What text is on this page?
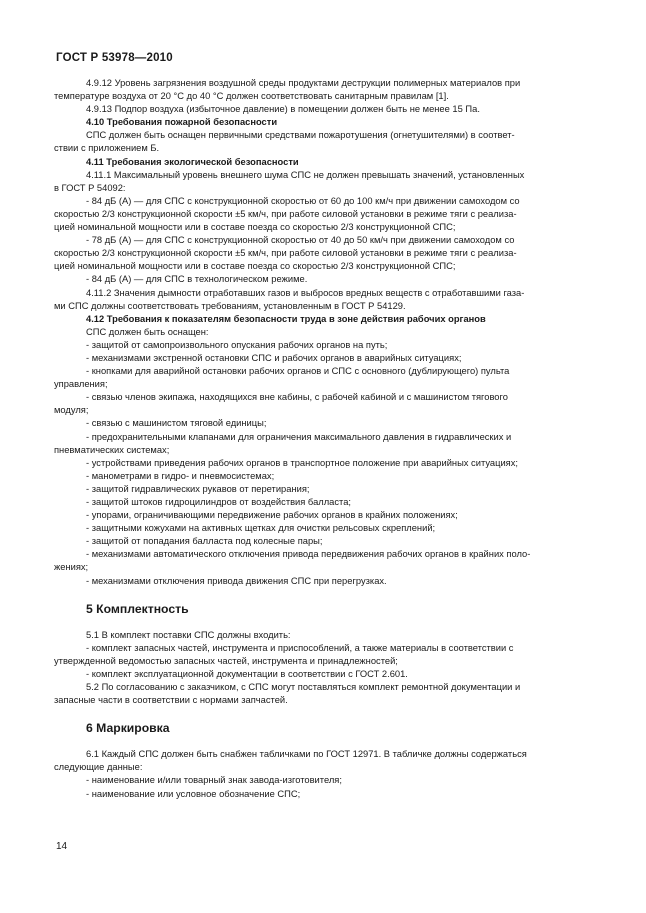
ГОСТ Р 53978—2010
4.9.12 Уровень загрязнения воздушной среды продуктами деструкции полимерных материалов при
температуре воздуха от 20 °С до 40 °С должен соответствовать санитарным правилам [1].
4.9.13 Подпор воздуха (избыточное давление) в помещении должен быть не менее 15 Па.
4.10 Требования пожарной безопасности
СПС должен быть оснащен первичными средствами пожаротушения (огнетушителями) в соответ-
ствии с приложением Б.
4.11 Требования экологической безопасности
4.11.1 Максимальный уровень внешнего шума СПС не должен превышать значений, установленных
в ГОСТ Р 54092:
- 84 дБ (А) — для СПС с конструкционной скоростью от 60 до 100 км/ч при движении самоходом со
скоростью 2/3 конструкционной скорости ±5 км/ч, при работе силовой установки в режиме тяги с реализа-
цией номинальной мощности или в составе поезда со скоростью 2/3 конструкционной СПС;
- 78 дБ (А) — для СПС с конструкционной скоростью от 40 до 50 км/ч при движении самоходом со
скоростью 2/3 конструкционной скорости ±5 км/ч, при работе силовой установки в режиме тяги с реализа-
цией номинальной мощности или в составе поезда со скоростью 2/3 конструкционной СПС;
- 84 дБ (А) — для СПС в технологическом режиме.
4.11.2 Значения дымности отработавших газов и выбросов вредных веществ с отработавшими газа-
ми СПС должны соответствовать требованиям, установленным в ГОСТ Р 54129.
4.12 Требования к показателям безопасности труда в зоне действия рабочих органов
СПС должен быть оснащен:
- защитой от самопроизвольного опускания рабочих органов на путь;
- механизмами экстренной остановки СПС и рабочих органов в аварийных ситуациях;
- кнопками для аварийной остановки рабочих органов и СПС с основного (дублирующего) пульта
управления;
- связью членов экипажа, находящихся вне кабины, с рабочей кабиной и с машинистом тягового
модуля;
- связью с машинистом тяговой единицы;
- предохранительными клапанами для ограничения максимального давления в гидравлических и
пневматических системах;
- устройствами приведения рабочих органов в транспортное положение при аварийных ситуациях;
- манометрами в гидро- и пневмосистемах;
- защитой гидравлических рукавов от перетирания;
- защитой штоков гидроцилиндров от воздействия балласта;
- упорами, ограничивающими передвижение рабочих органов в крайних положениях;
- защитными кожухами на активных щетках для очистки рельсовых скреплений;
- защитой от попадания балласта под колесные пары;
- механизмами автоматического отключения привода передвижения рабочих органов в крайних поло-
жениях;
- механизмами отключения привода движения СПС при перегрузках.
5 Комплектность
5.1 В комплект поставки СПС должны входить:
- комплект запасных частей, инструмента и приспособлений, а также материалы в соответствии с
утвержденной ведомостью запасных частей, инструмента и принадлежностей;
- комплект эксплуатационной документации в соответствии с ГОСТ 2.601.
5.2 По согласованию с заказчиком, с СПС могут поставляться комплект ремонтной документации и
запасные части в соответствии с нормами запчастей.
6 Маркировка
6.1 Каждый СПС должен быть снабжен табличками по ГОСТ 12971. В табличке должны содержаться
следующие данные:
- наименование и/или товарный знак завода-изготовителя;
- наименование или условное обозначение СПС;
14
